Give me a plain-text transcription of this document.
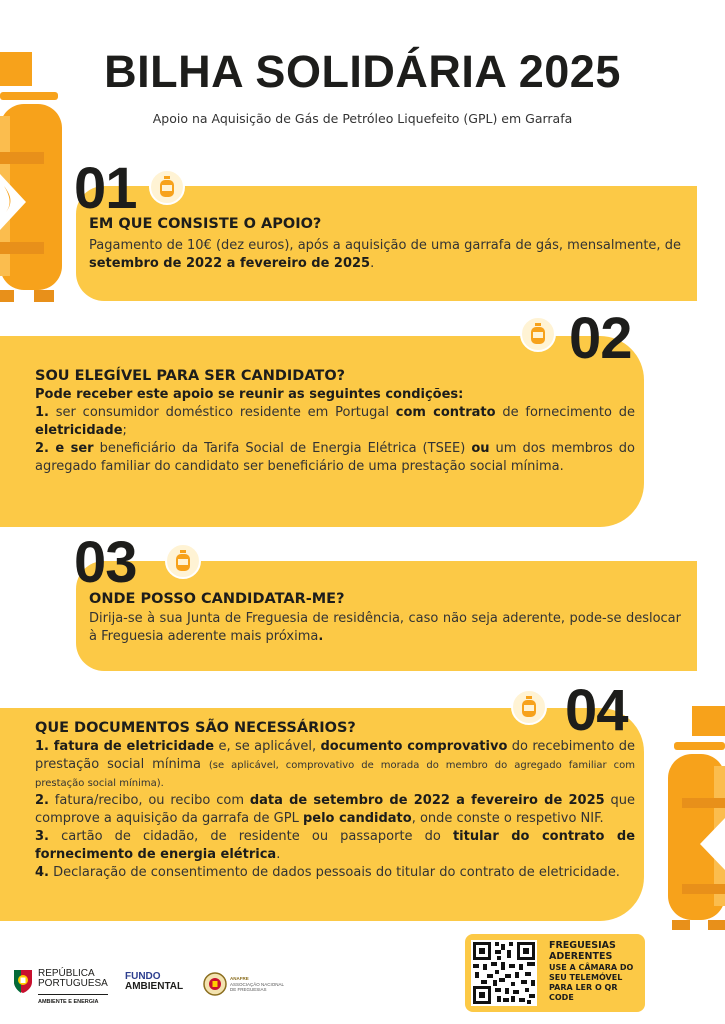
BILHA SOLIDÁRIA 2025
Apoio na Aquisição de Gás de Petróleo Liquefeito (GPL) em Garrafa
01
EM QUE CONSISTE O APOIO?
Pagamento de 10€ (dez euros), após a aquisição de uma garrafa de gás, mensalmente, de setembro de 2022 a fevereiro de 2025.
02
SOU ELEGÍVEL PARA SER CANDIDATO?
Pode receber este apoio se reunir as seguintes condições:
1. ser consumidor doméstico residente em Portugal com contrato de fornecimento de eletricidade;
2. e ser beneficiário da Tarifa Social de Energia Elétrica (TSEE) ou um dos membros do agregado familiar do candidato ser beneficiário de uma prestação social mínima.
03
ONDE POSSO CANDIDATAR-ME?
Dirija-se à sua Junta de Freguesia de residência, caso não seja aderente, pode-se deslocar à Freguesia aderente mais próxima.
04
QUE DOCUMENTOS SÃO NECESSÁRIOS?
1. fatura de eletricidade e, se aplicável, documento comprovativo do recebimento de prestação social mínima (se aplicável, comprovativo de morada do membro do agregado familiar com prestação social mínima).
2. fatura/recibo, ou recibo com data de setembro de 2022 a fevereiro de 2025 que comprove a aquisição da garrafa de GPL pelo candidato, onde conste o respetivo NIF.
3. cartão de cidadão, de residente ou passaporte do titular do contrato de fornecimento de energia elétrica.
4. Declaração de consentimento de dados pessoais do titular do contrato de eletricidade.
REPÚBLICA
PORTUGUESA
AMBIENTE E ENERGIA
FUNDO
AMBIENTAL
ANAFRE
ASSOCIAÇÃO NACIONAL
DE FREGUESIAS
FREGUESIAS ADERENTES
USE A CÂMARA DO SEU TELEMÓVEL PARA LER O QR CODE
